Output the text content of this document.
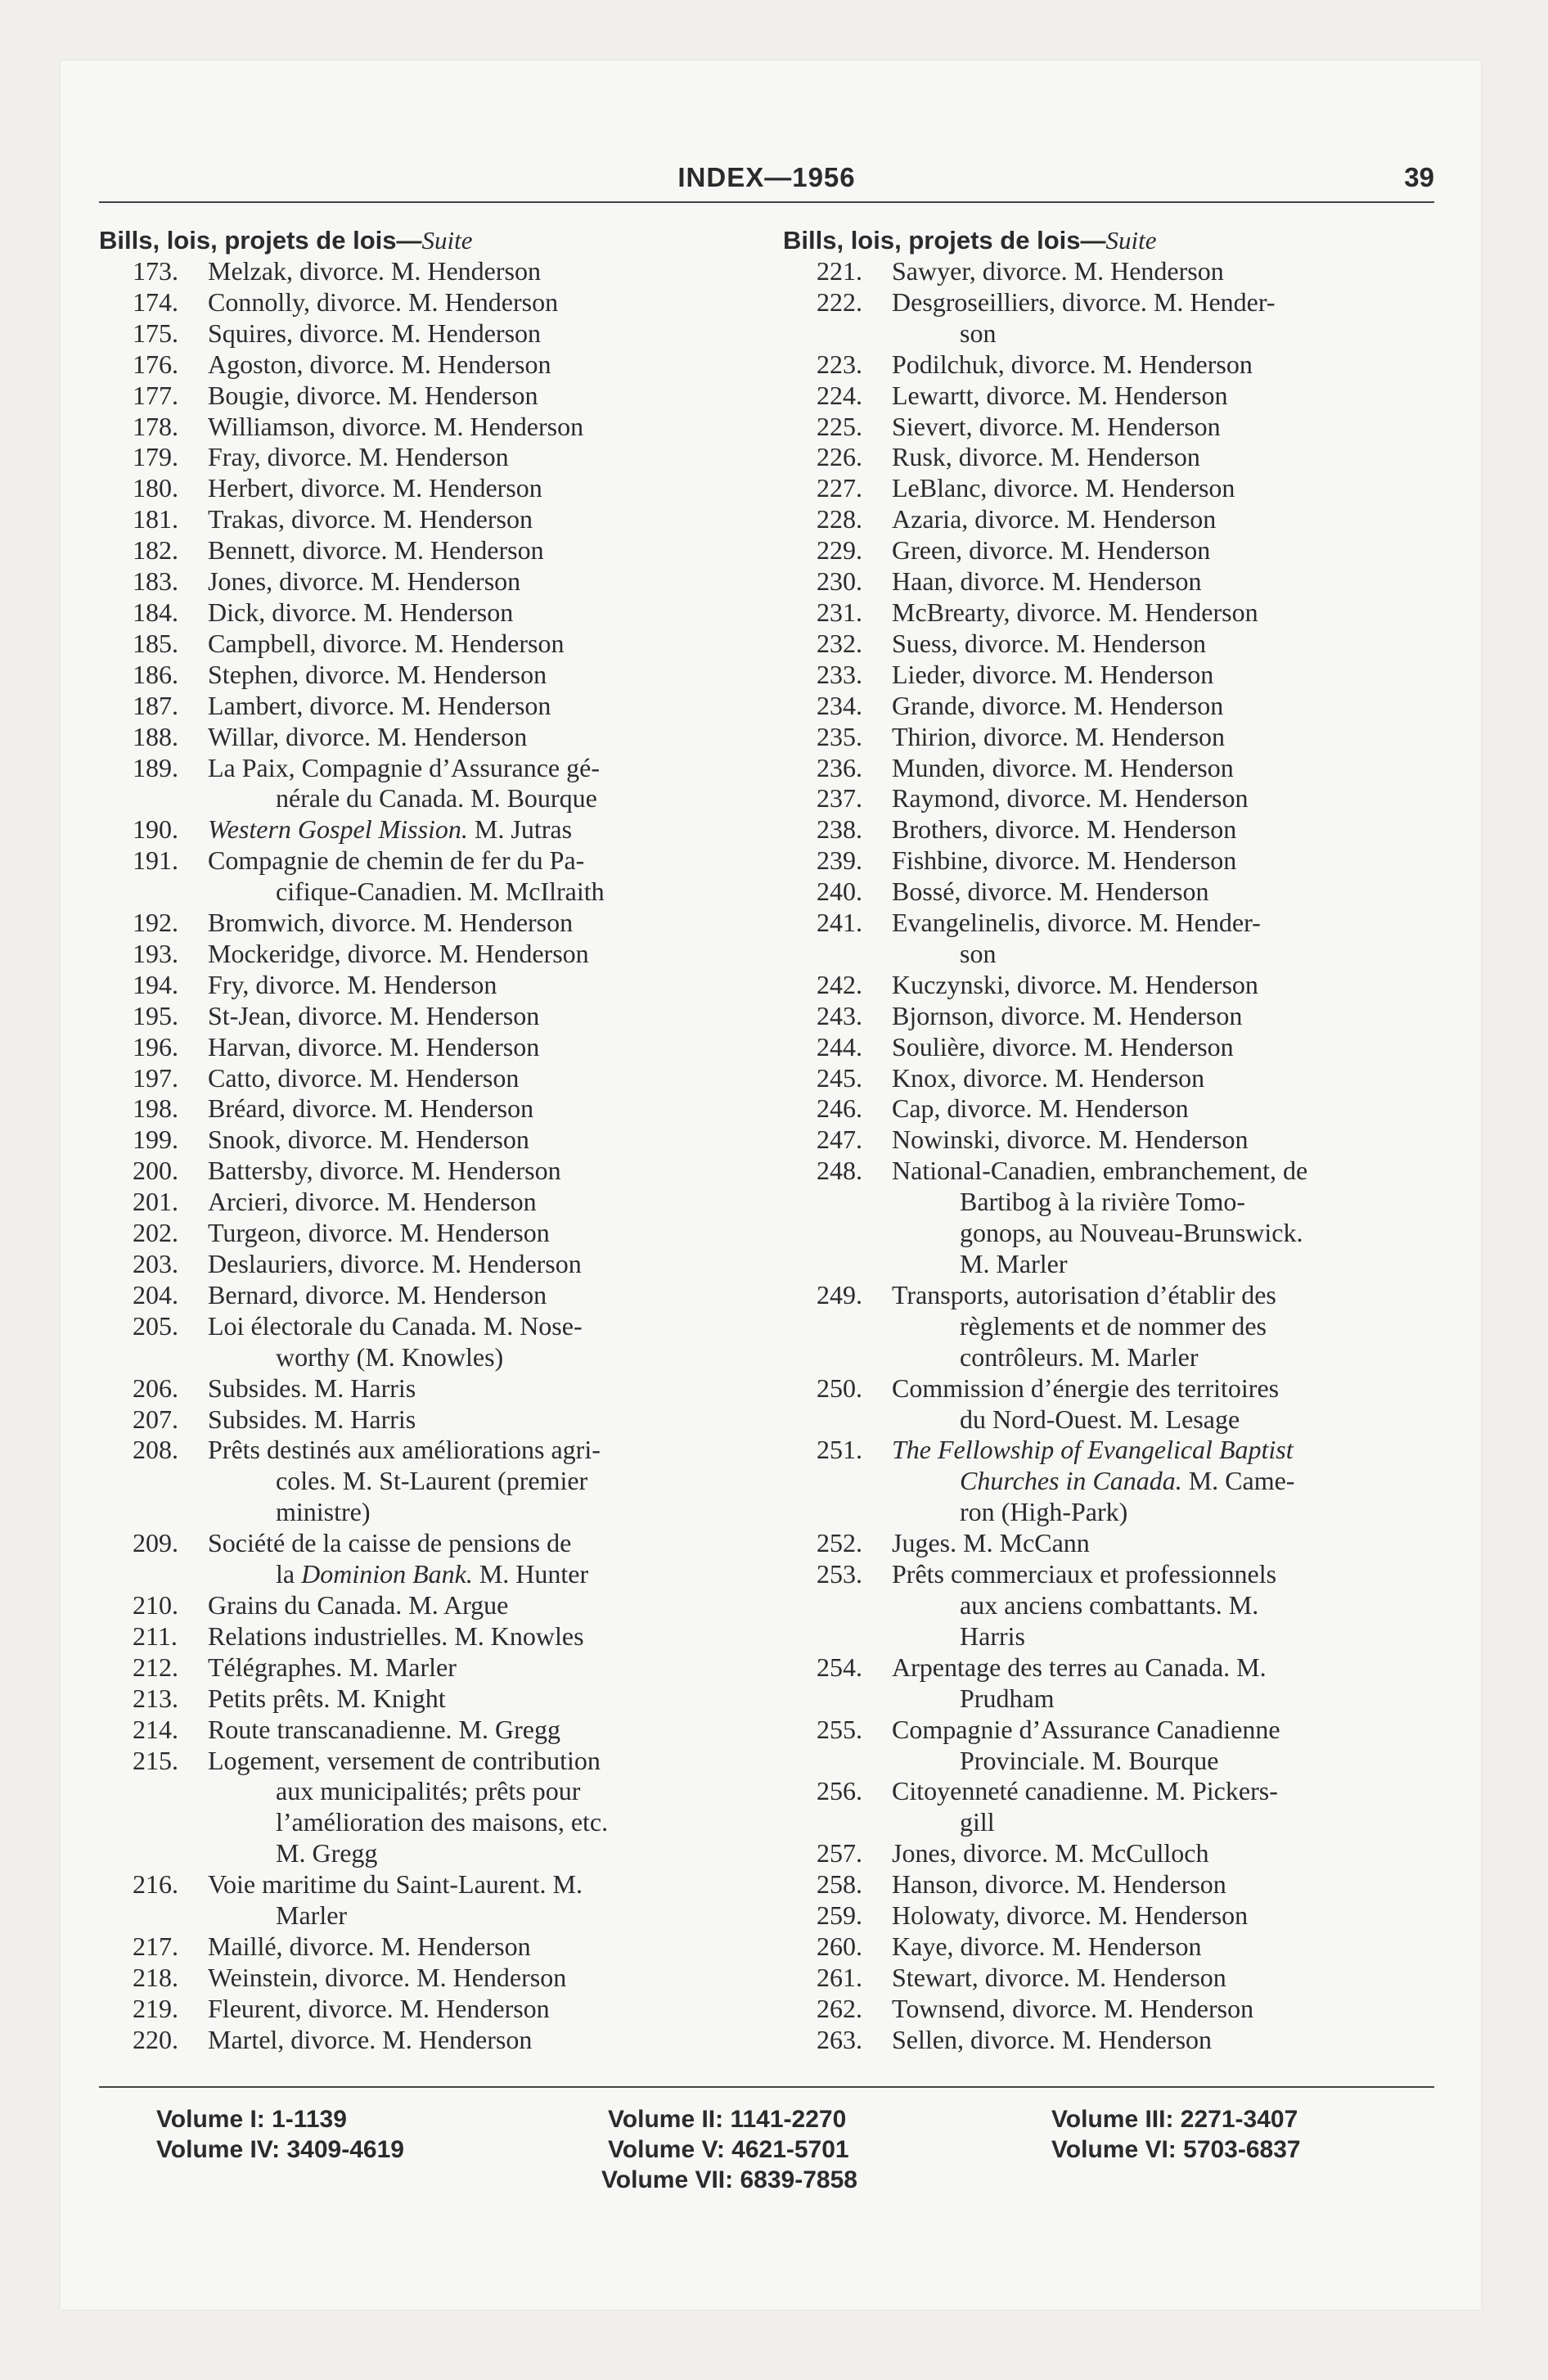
INDEX—1956	39
Bills, lois, projets de lois—Suite
173. Melzak, divorce. M. Henderson
174. Connolly, divorce. M. Henderson
175. Squires, divorce. M. Henderson
176. Agoston, divorce. M. Henderson
177. Bougie, divorce. M. Henderson
178. Williamson, divorce. M. Henderson
179. Fray, divorce. M. Henderson
180. Herbert, divorce. M. Henderson
181. Trakas, divorce. M. Henderson
182. Bennett, divorce. M. Henderson
183. Jones, divorce. M. Henderson
184. Dick, divorce. M. Henderson
185. Campbell, divorce. M. Henderson
186. Stephen, divorce. M. Henderson
187. Lambert, divorce. M. Henderson
188. Willar, divorce. M. Henderson
189. La Paix, Compagnie d’Assurance gé-
nérale du Canada. M. Bourque
190. Western Gospel Mission. M. Jutras
191. Compagnie de chemin de fer du Pa-
cifique-Canadien. M. McIlraith
192. Bromwich, divorce. M. Henderson
193. Mockeridge, divorce. M. Henderson
194. Fry, divorce. M. Henderson
195. St-Jean, divorce. M. Henderson
196. Harvan, divorce. M. Henderson
197. Catto, divorce. M. Henderson
198. Bréard, divorce. M. Henderson
199. Snook, divorce. M. Henderson
200. Battersby, divorce. M. Henderson
201. Arcieri, divorce. M. Henderson
202. Turgeon, divorce. M. Henderson
203. Deslauriers, divorce. M. Henderson
204. Bernard, divorce. M. Henderson
205. Loi électorale du Canada. M. Nose-
worthy (M. Knowles)
206. Subsides. M. Harris
207. Subsides. M. Harris
208. Prêts destinés aux améliorations agri-
coles. M. St-Laurent (premier
ministre)
209. Société de la caisse de pensions de
la Dominion Bank. M. Hunter
210. Grains du Canada. M. Argue
211. Relations industrielles. M. Knowles
212. Télégraphes. M. Marler
213. Petits prêts. M. Knight
214. Route transcanadienne. M. Gregg
215. Logement, versement de contribution
aux municipalités; prêts pour
l’amélioration des maisons, etc.
M. Gregg
216. Voie maritime du Saint-Laurent. M.
Marler
217. Maillé, divorce. M. Henderson
218. Weinstein, divorce. M. Henderson
219. Fleurent, divorce. M. Henderson
220. Martel, divorce. M. Henderson
Bills, lois, projets de lois—Suite
221. Sawyer, divorce. M. Henderson
222. Desgroseilliers, divorce. M. Hender-
son
223. Podilchuk, divorce. M. Henderson
224. Lewartt, divorce. M. Henderson
225. Sievert, divorce. M. Henderson
226. Rusk, divorce. M. Henderson
227. LeBlanc, divorce. M. Henderson
228. Azaria, divorce. M. Henderson
229. Green, divorce. M. Henderson
230. Haan, divorce. M. Henderson
231. McBrearty, divorce. M. Henderson
232. Suess, divorce. M. Henderson
233. Lieder, divorce. M. Henderson
234. Grande, divorce. M. Henderson
235. Thirion, divorce. M. Henderson
236. Munden, divorce. M. Henderson
237. Raymond, divorce. M. Henderson
238. Brothers, divorce. M. Henderson
239. Fishbine, divorce. M. Henderson
240. Bossé, divorce. M. Henderson
241. Evangelinelis, divorce. M. Hender-
son
242. Kuczynski, divorce. M. Henderson
243. Bjornson, divorce. M. Henderson
244. Soulière, divorce. M. Henderson
245. Knox, divorce. M. Henderson
246. Cap, divorce. M. Henderson
247. Nowinski, divorce. M. Henderson
248. National-Canadien, embranchement, de
Bartibog à la rivière Tomo-
gonops, au Nouveau-Brunswick.
M. Marler
249. Transports, autorisation d’établir des
règlements et de nommer des
contrôleurs. M. Marler
250. Commission d’énergie des territoires
du Nord-Ouest. M. Lesage
251. The Fellowship of Evangelical Baptist
Churches in Canada. M. Came-
ron (High-Park)
252. Juges. M. McCann
253. Prêts commerciaux et professionnels
aux anciens combattants. M.
Harris
254. Arpentage des terres au Canada. M.
Prudham
255. Compagnie d’Assurance Canadienne
Provinciale. M. Bourque
256. Citoyenneté canadienne. M. Pickers-
gill
257. Jones, divorce. M. McCulloch
258. Hanson, divorce. M. Henderson
259. Holowaty, divorce. M. Henderson
260. Kaye, divorce. M. Henderson
261. Stewart, divorce. M. Henderson
262. Townsend, divorce. M. Henderson
263. Sellen, divorce. M. Henderson
Volume I: 1-1139	Volume II: 1141-2270	Volume III: 2271-3407
Volume IV: 3409-4619	Volume V: 4621-5701	Volume VI: 5703-6837
Volume VII: 6839-7858
